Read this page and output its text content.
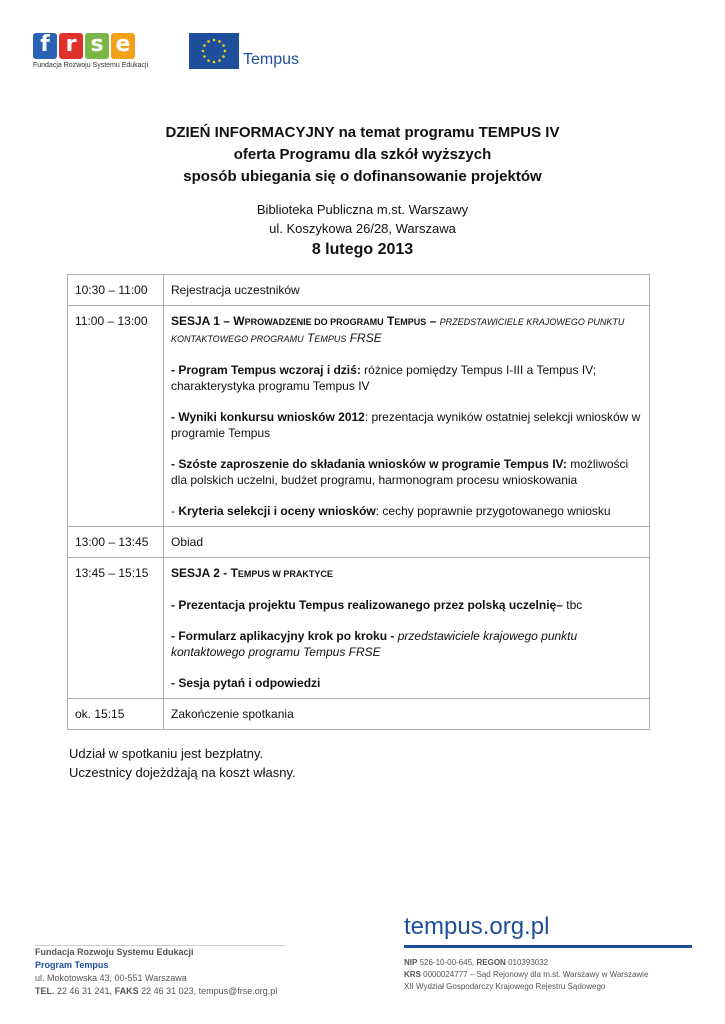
f r s e
Fundacja Rozwoju Systemu Edukacji	Tempus
DZIEŃ INFORMACYJNY na temat programu TEMPUS IV
oferta Programu dla szkół wyższych
sposób ubiegania się o dofinansowanie projektów
Biblioteka Publiczna m.st. Warszawy
ul. Koszykowa 26/28, Warszawa
8 lutego 2013
10:30 – 11:00	Rejestracja uczestników
11:00 – 13:00	SESJA 1 – WPROWADZENIE DO PROGRAMU TEMPUS – PRZEDSTAWICIELE KRAJOWEGO PUNKTU KONTAKTOWEGO PROGRAMU TEMPUS FRSE
- Program Tempus wczoraj i dziś: różnice pomiędzy Tempus I-III a Tempus IV; charakterystyka programu Tempus IV
- Wyniki konkursu wniosków 2012: prezentacja wyników ostatniej selekcji wniosków w programie Tempus
- Szóste zaproszenie do składania wniosków w programie Tempus IV: możliwości dla polskich uczelni, budżet programu, harmonogram procesu wnioskowania
- Kryteria selekcji i oceny wniosków: cechy poprawnie przygotowanego wniosku

13:00 – 13:45	Obiad
13:45 – 15:15	SESJA 2 - TEMPUS W PRAKTYCE
- Prezentacja projektu Tempus realizowanego przez polską uczelnię– tbc
- Formularz aplikacyjny krok po kroku - przedstawiciele krajowego punktu kontaktowego programu Tempus FRSE
- Sesja pytań i odpowiedzi

ok. 15:15	Zakończenie spotkania
Udział w spotkaniu jest bezpłatny.
Uczestnicy dojeżdżają na koszt własny.
tempus.org.pl
Fundacja Rozwoju Systemu Edukacji
Program Tempus
ul. Mokotowska 43, 00-551 Warszawa
TEL. 22 46 31 241, FAKS 22 46 31 023, tempus@frse.org.pl
NIP 526-10-00-645, REGON 010393032
KRS 0000024777 – Sąd Rejonowy dla m.st. Warszawy w Warszawie
XII Wydział Gospodarczy Krajowego Rejestru Sądowego
